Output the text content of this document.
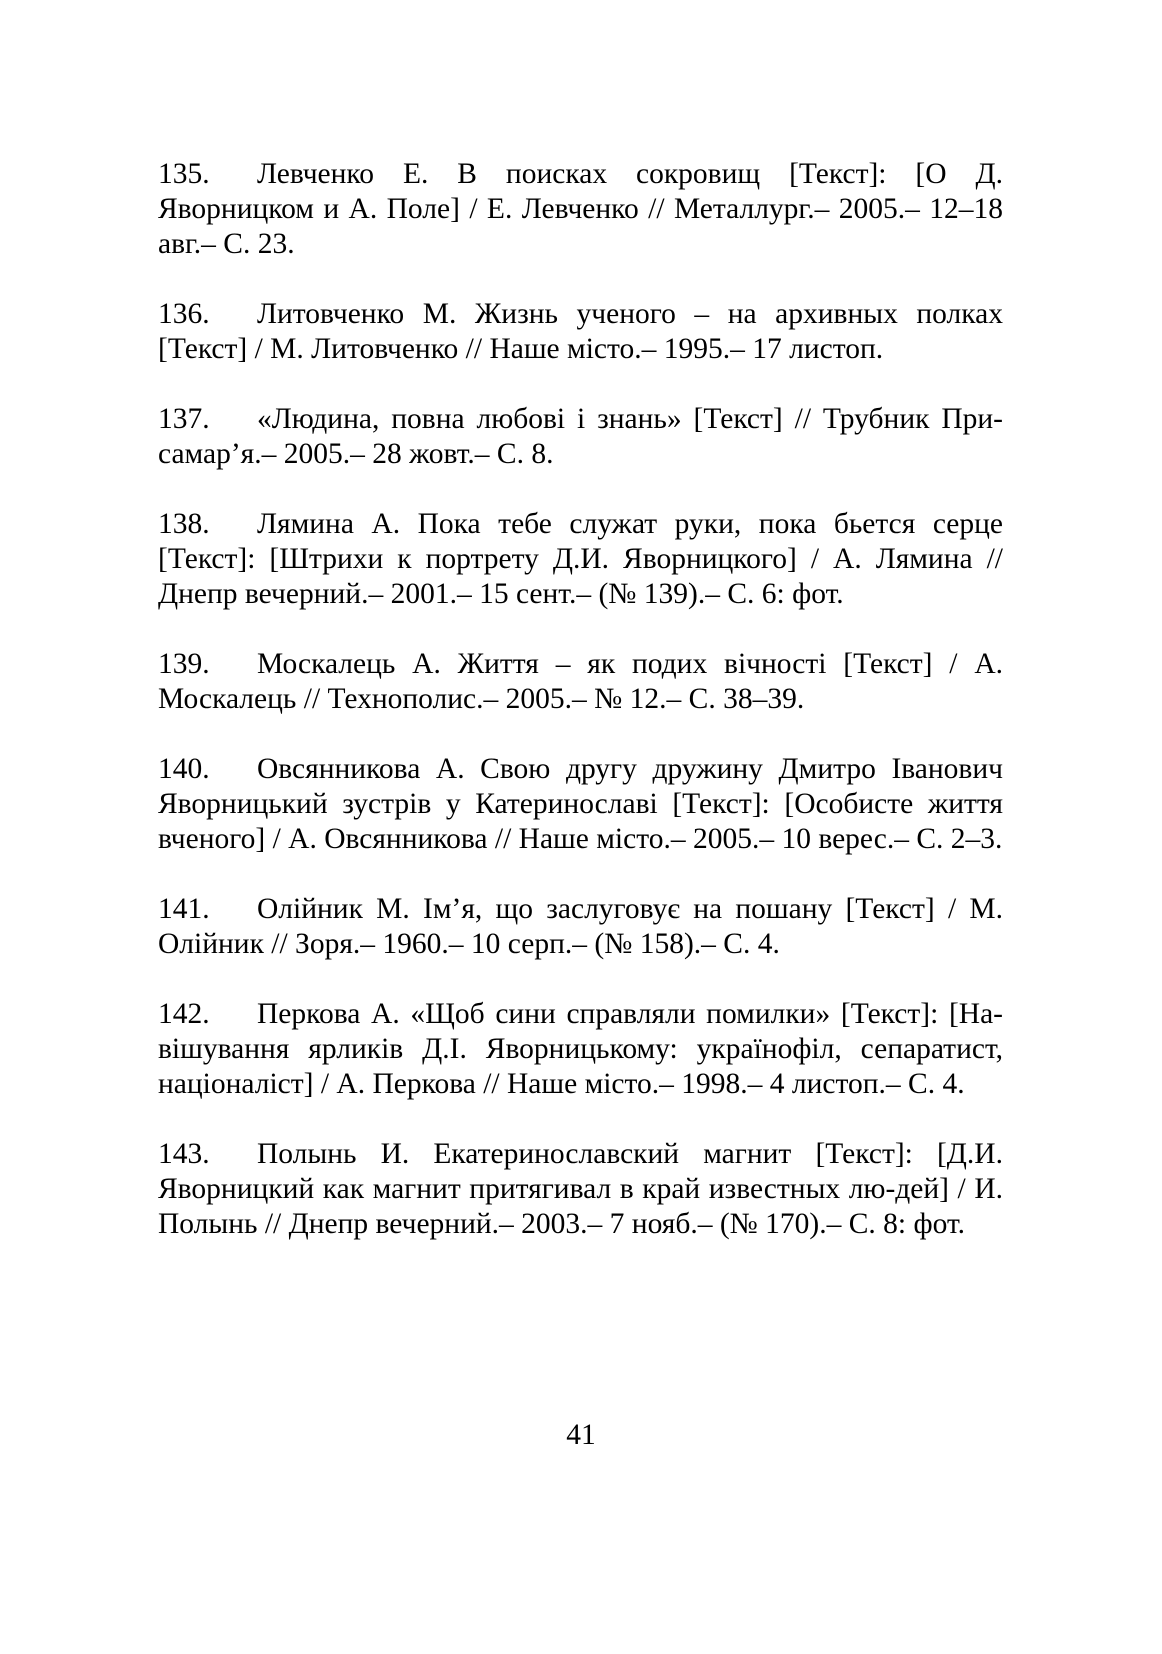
135. Левченко Е. В поисках сокровищ [Текст]: [О Д. Яворницком и А. Поле] / Е. Левченко // Металлург.– 2005.– 12–18 авг.– С. 23.

136. Литовченко М. Жизнь ученого – на архивных полках [Текст] / М. Литовченко // Наше місто.– 1995.– 17 листоп.

137. «Людина, повна любові і знань» [Текст] // Трубник При-самар’я.– 2005.– 28 жовт.– С. 8.

138. Лямина А. Пока тебе служат руки, пока бьется серце [Текст]: [Штрихи к портрету Д.И. Яворницкого] / А. Лямина // Днепр вечерний.– 2001.– 15 сент.– (№ 139).– С. 6: фот.

139. Москалець А. Життя – як подих вічності [Текст] / А. Москалець // Технополис.– 2005.– № 12.– С. 38–39.

140. Овсянникова А. Свою другу дружину Дмитро Іванович Яворницький зустрів у Катеринославі [Текст]: [Особисте життя вченого] / А. Овсянникова // Наше місто.– 2005.– 10 верес.– С. 2–3.

141. Олійник М. Ім’я, що заслуговує на пошану [Текст] / М. Олійник // Зоря.– 1960.– 10 серп.– (№ 158).– С. 4.

142. Перкова А. «Щоб сини справляли помилки» [Текст]: [На-вішування ярликів Д.І. Яворницькому: українофіл, сепаратист, націоналіст] / А. Перкова // Наше місто.– 1998.– 4 листоп.– С. 4.

143. Полынь И. Екатеринославский магнит [Текст]: [Д.И. Яворницкий как магнит притягивал в край известных лю-дей] / И. Полынь // Днепр вечерний.– 2003.– 7 нояб.– (№ 170).– С. 8: фот.

41
